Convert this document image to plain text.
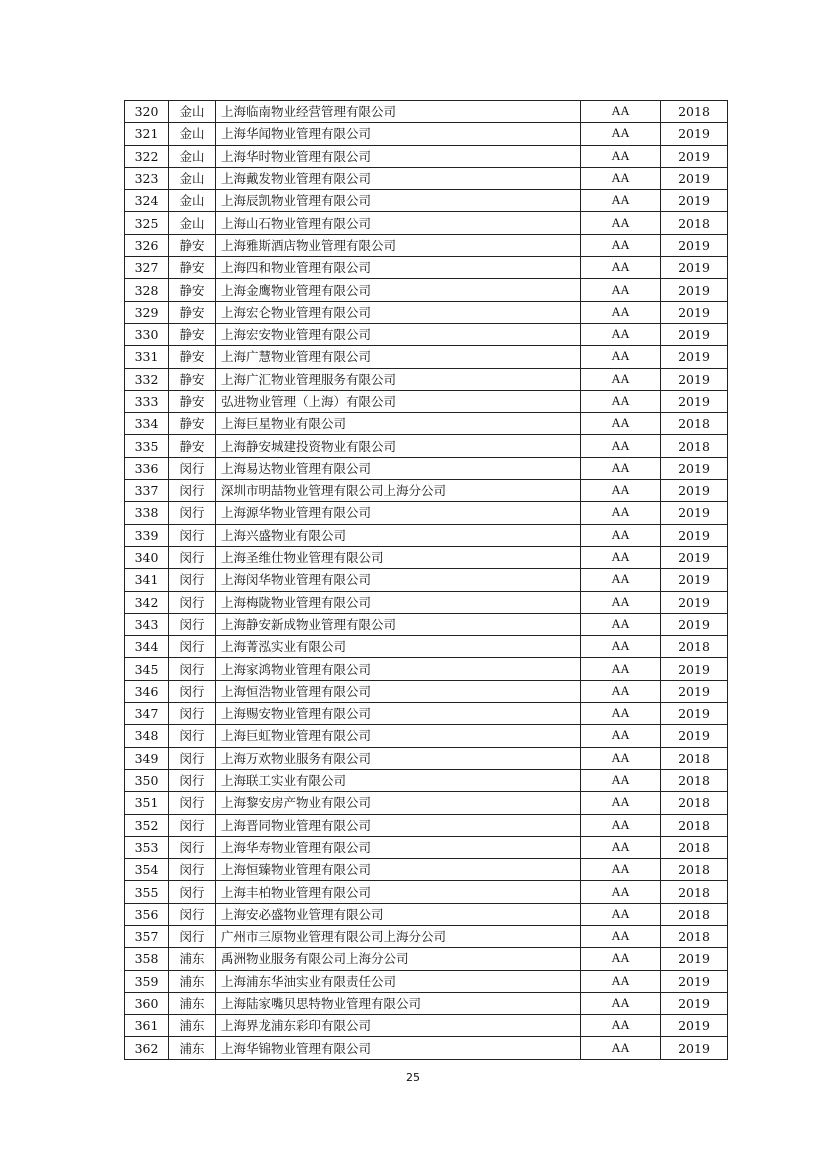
320	金山	上海临南物业经营管理有限公司	AA	2018
321	金山	上海华闻物业管理有限公司	AA	2019
322	金山	上海华时物业管理有限公司	AA	2019
323	金山	上海戴发物业管理有限公司	AA	2019
324	金山	上海辰凯物业管理有限公司	AA	2019
325	金山	上海山石物业管理有限公司	AA	2018
326	静安	上海雅斯酒店物业管理有限公司	AA	2019
327	静安	上海四和物业管理有限公司	AA	2019
328	静安	上海金鹰物业管理有限公司	AA	2019
329	静安	上海宏仑物业管理有限公司	AA	2019
330	静安	上海宏安物业管理有限公司	AA	2019
331	静安	上海广慧物业管理有限公司	AA	2019
332	静安	上海广汇物业管理服务有限公司	AA	2019
333	静安	弘进物业管理（上海）有限公司	AA	2019
334	静安	上海巨星物业有限公司	AA	2018
335	静安	上海静安城建投资物业有限公司	AA	2018
336	闵行	上海易达物业管理有限公司	AA	2019
337	闵行	深圳市明喆物业管理有限公司上海分公司	AA	2019
338	闵行	上海源华物业管理有限公司	AA	2019
339	闵行	上海兴盛物业有限公司	AA	2019
340	闵行	上海圣维仕物业管理有限公司	AA	2019
341	闵行	上海闵华物业管理有限公司	AA	2019
342	闵行	上海梅陇物业管理有限公司	AA	2019
343	闵行	上海静安新成物业管理有限公司	AA	2019
344	闵行	上海菁泓实业有限公司	AA	2018
345	闵行	上海家鸿物业管理有限公司	AA	2019
346	闵行	上海恒浩物业管理有限公司	AA	2019
347	闵行	上海赐安物业管理有限公司	AA	2019
348	闵行	上海巨虹物业管理有限公司	AA	2019
349	闵行	上海万欢物业服务有限公司	AA	2018
350	闵行	上海联工实业有限公司	AA	2018
351	闵行	上海黎安房产物业有限公司	AA	2018
352	闵行	上海晋同物业管理有限公司	AA	2018
353	闵行	上海华寿物业管理有限公司	AA	2018
354	闵行	上海恒臻物业管理有限公司	AA	2018
355	闵行	上海丰柏物业管理有限公司	AA	2018
356	闵行	上海安必盛物业管理有限公司	AA	2018
357	闵行	广州市三原物业管理有限公司上海分公司	AA	2018
358	浦东	禹洲物业服务有限公司上海分公司	AA	2019
359	浦东	上海浦东华油实业有限责任公司	AA	2019
360	浦东	上海陆家嘴贝思特物业管理有限公司	AA	2019
361	浦东	上海界龙浦东彩印有限公司	AA	2019
362	浦东	上海华锦物业管理有限公司	AA	2019
25
